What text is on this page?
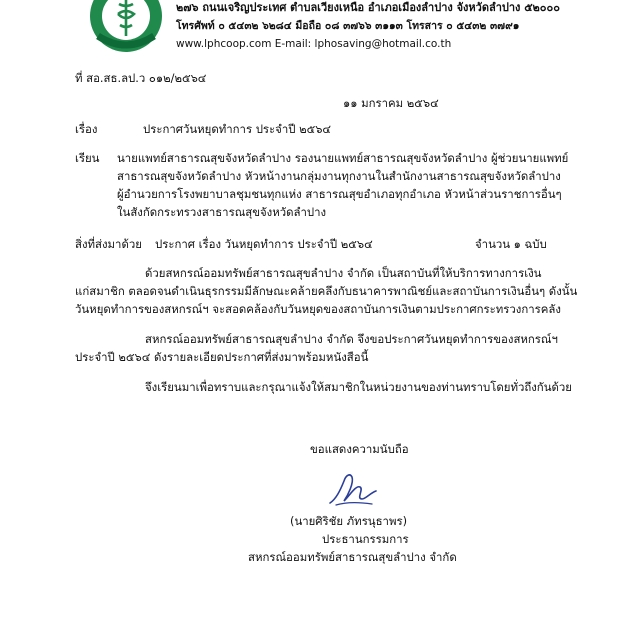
๒๗๖ ถนนเจริญประเทศ ตำบลเวียงเหนือ อำเภอเมืองลำปาง จังหวัดลำปาง ๕๒๐๐๐
โทรศัพท์ ๐ ๕๔๓๒ ๖๒๘๔ มือถือ ๐๘ ๓๗๖๖ ๓๑๑๓ โทรสาร ๐ ๕๔๓๒ ๓๗๙๑
www.lphcoop.com E-mail: lphosaving@hotmail.co.th
ที่ สอ.สธ.ลป.ว ๐๑๒/๒๕๖๔
๑๑ มกราคม ๒๕๖๔
เรื่อง	ประกาศวันหยุดทำการ ประจำปี ๒๕๖๔
เรียน นายแพทย์สาธารณสุขจังหวัดลำปาง รองนายแพทย์สาธารณสุขจังหวัดลำปาง ผู้ช่วยนายแพทย์
สาธารณสุขจังหวัดลำปาง หัวหน้างานกลุ่มงานทุกงานในสำนักงานสาธารณสุขจังหวัดลำปาง
ผู้อำนวยการโรงพยาบาลชุมชนทุกแห่ง สาธารณสุขอำเภอทุกอำเภอ หัวหน้าส่วนราชการอื่นๆ
ในสังกัดกระทรวงสาธารณสุขจังหวัดลำปาง
สิ่งที่ส่งมาด้วย ประกาศ เรื่อง วันหยุดทำการ ประจำปี ๒๕๖๔	จำนวน ๑ ฉบับ
ด้วยสหกรณ์ออมทรัพย์สาธารณสุขลำปาง จำกัด เป็นสถาบันที่ให้บริการทางการเงิน
แก่สมาชิก ตลอดจนดำเนินธุรกรรมมีลักษณะคล้ายคลึงกับธนาคารพาณิชย์และสถาบันการเงินอื่นๆ ดังนั้น
วันหยุดทำการของสหกรณ์ฯ จะสอดคล้องกับวันหยุดของสถาบันการเงินตามประกาศกระทรวงการคลัง
สหกรณ์ออมทรัพย์สาธารณสุขลำปาง จำกัด จึงขอประกาศวันหยุดทำการของสหกรณ์ฯ
ประจำปี ๒๕๖๔ ดังรายละเอียดประกาศที่ส่งมาพร้อมหนังสือนี้
จึงเรียนมาเพื่อทราบและกรุณาแจ้งให้สมาชิกในหน่วยงานของท่านทราบโดยทั่วถึงกันด้วย
ขอแสดงความนับถือ
(นายศิริชัย ภัทรนุธาพร)
ประธานกรรมการ
สหกรณ์ออมทรัพย์สาธารณสุขลำปาง จำกัด
